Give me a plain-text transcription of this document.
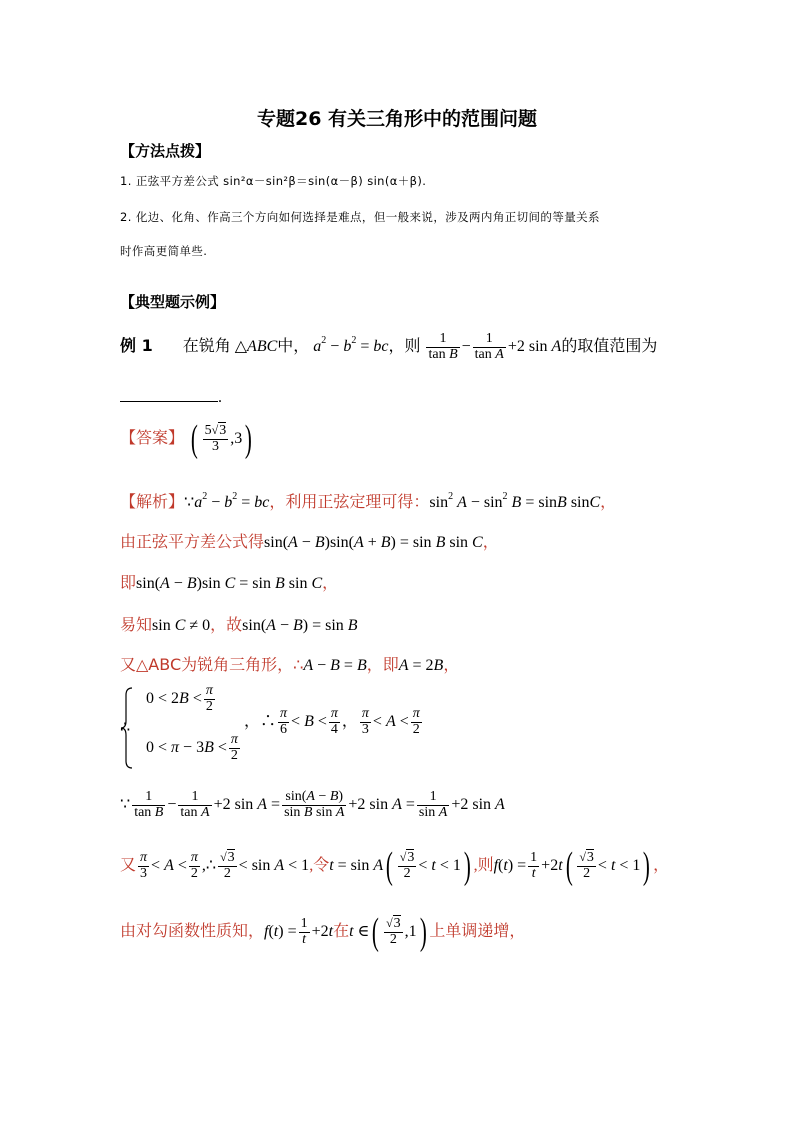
专题26 有关三角形中的范围问题
【方法点拨】
1. 正弦平方差公式 sin²α－sin²β＝sin(α－β) sin(α＋β).
2. 化边、化角、作高三个方向如何选择是难点，但一般来说，涉及两内角正切间的等量关系
时作高更简单些.
【典型题示例】
例 1 在锐角 △ABC中， $a^2 - b^2$ = bc，则 $\frac{1}{\text{tan B}} - \frac{1}{\text{tan A}} +2$ sin A的取值范围为
.
【答案】 ( $\frac{5√3}{3} ,3$)
【解析】$\because a^2 - b^2$ = bc，利用正弦定理可得：$\sin^2 A - \sin^2 B = \sin B$ sinC，
由正弦平方差公式得sin(A − B)sin(A + B) = sin B sin C，
即sin(A − B)sin C = sin B sin C，
易知sin C ≠ 0，故sin(A − B) = sin B
又△ABC为锐角三角形，∴A − B = B，即A = 2B，
∴
$0 < 2B < \frac{\pi}{2}$
$0 < \pi - 3B < \frac{\pi}{2}$
，∴ $\frac{\pi}{6} < B < \frac{\pi}{4}$ ， $\frac{\pi}{3} < A < \frac{\pi}{2}$
∵ $\frac{1}{\text{tan B}} - \frac{1}{\text{tan A}} +2$ $\sin A = \frac{\sin(A - B)}{\text{sin B sin A}} +2$ $\sin A = \frac{1}{\text{sin A}} +2$ sin A
又 $\frac{\pi}{3} < A < \frac{\pi}{2}$ ,∴ $\frac{√3}{2} < \sin A < 1$,令$t = \sin A( \frac{√3}{2} < t < 1)$ ,则$f(t) = \frac{1}{t} +2t( \frac{√3}{2} < t < 1)$ ，
由对勾函数性质知，$f(t) = \frac{1}{t} +2t$在t ∈( $\frac{√3}{2} ,1$) 上单调递增，
